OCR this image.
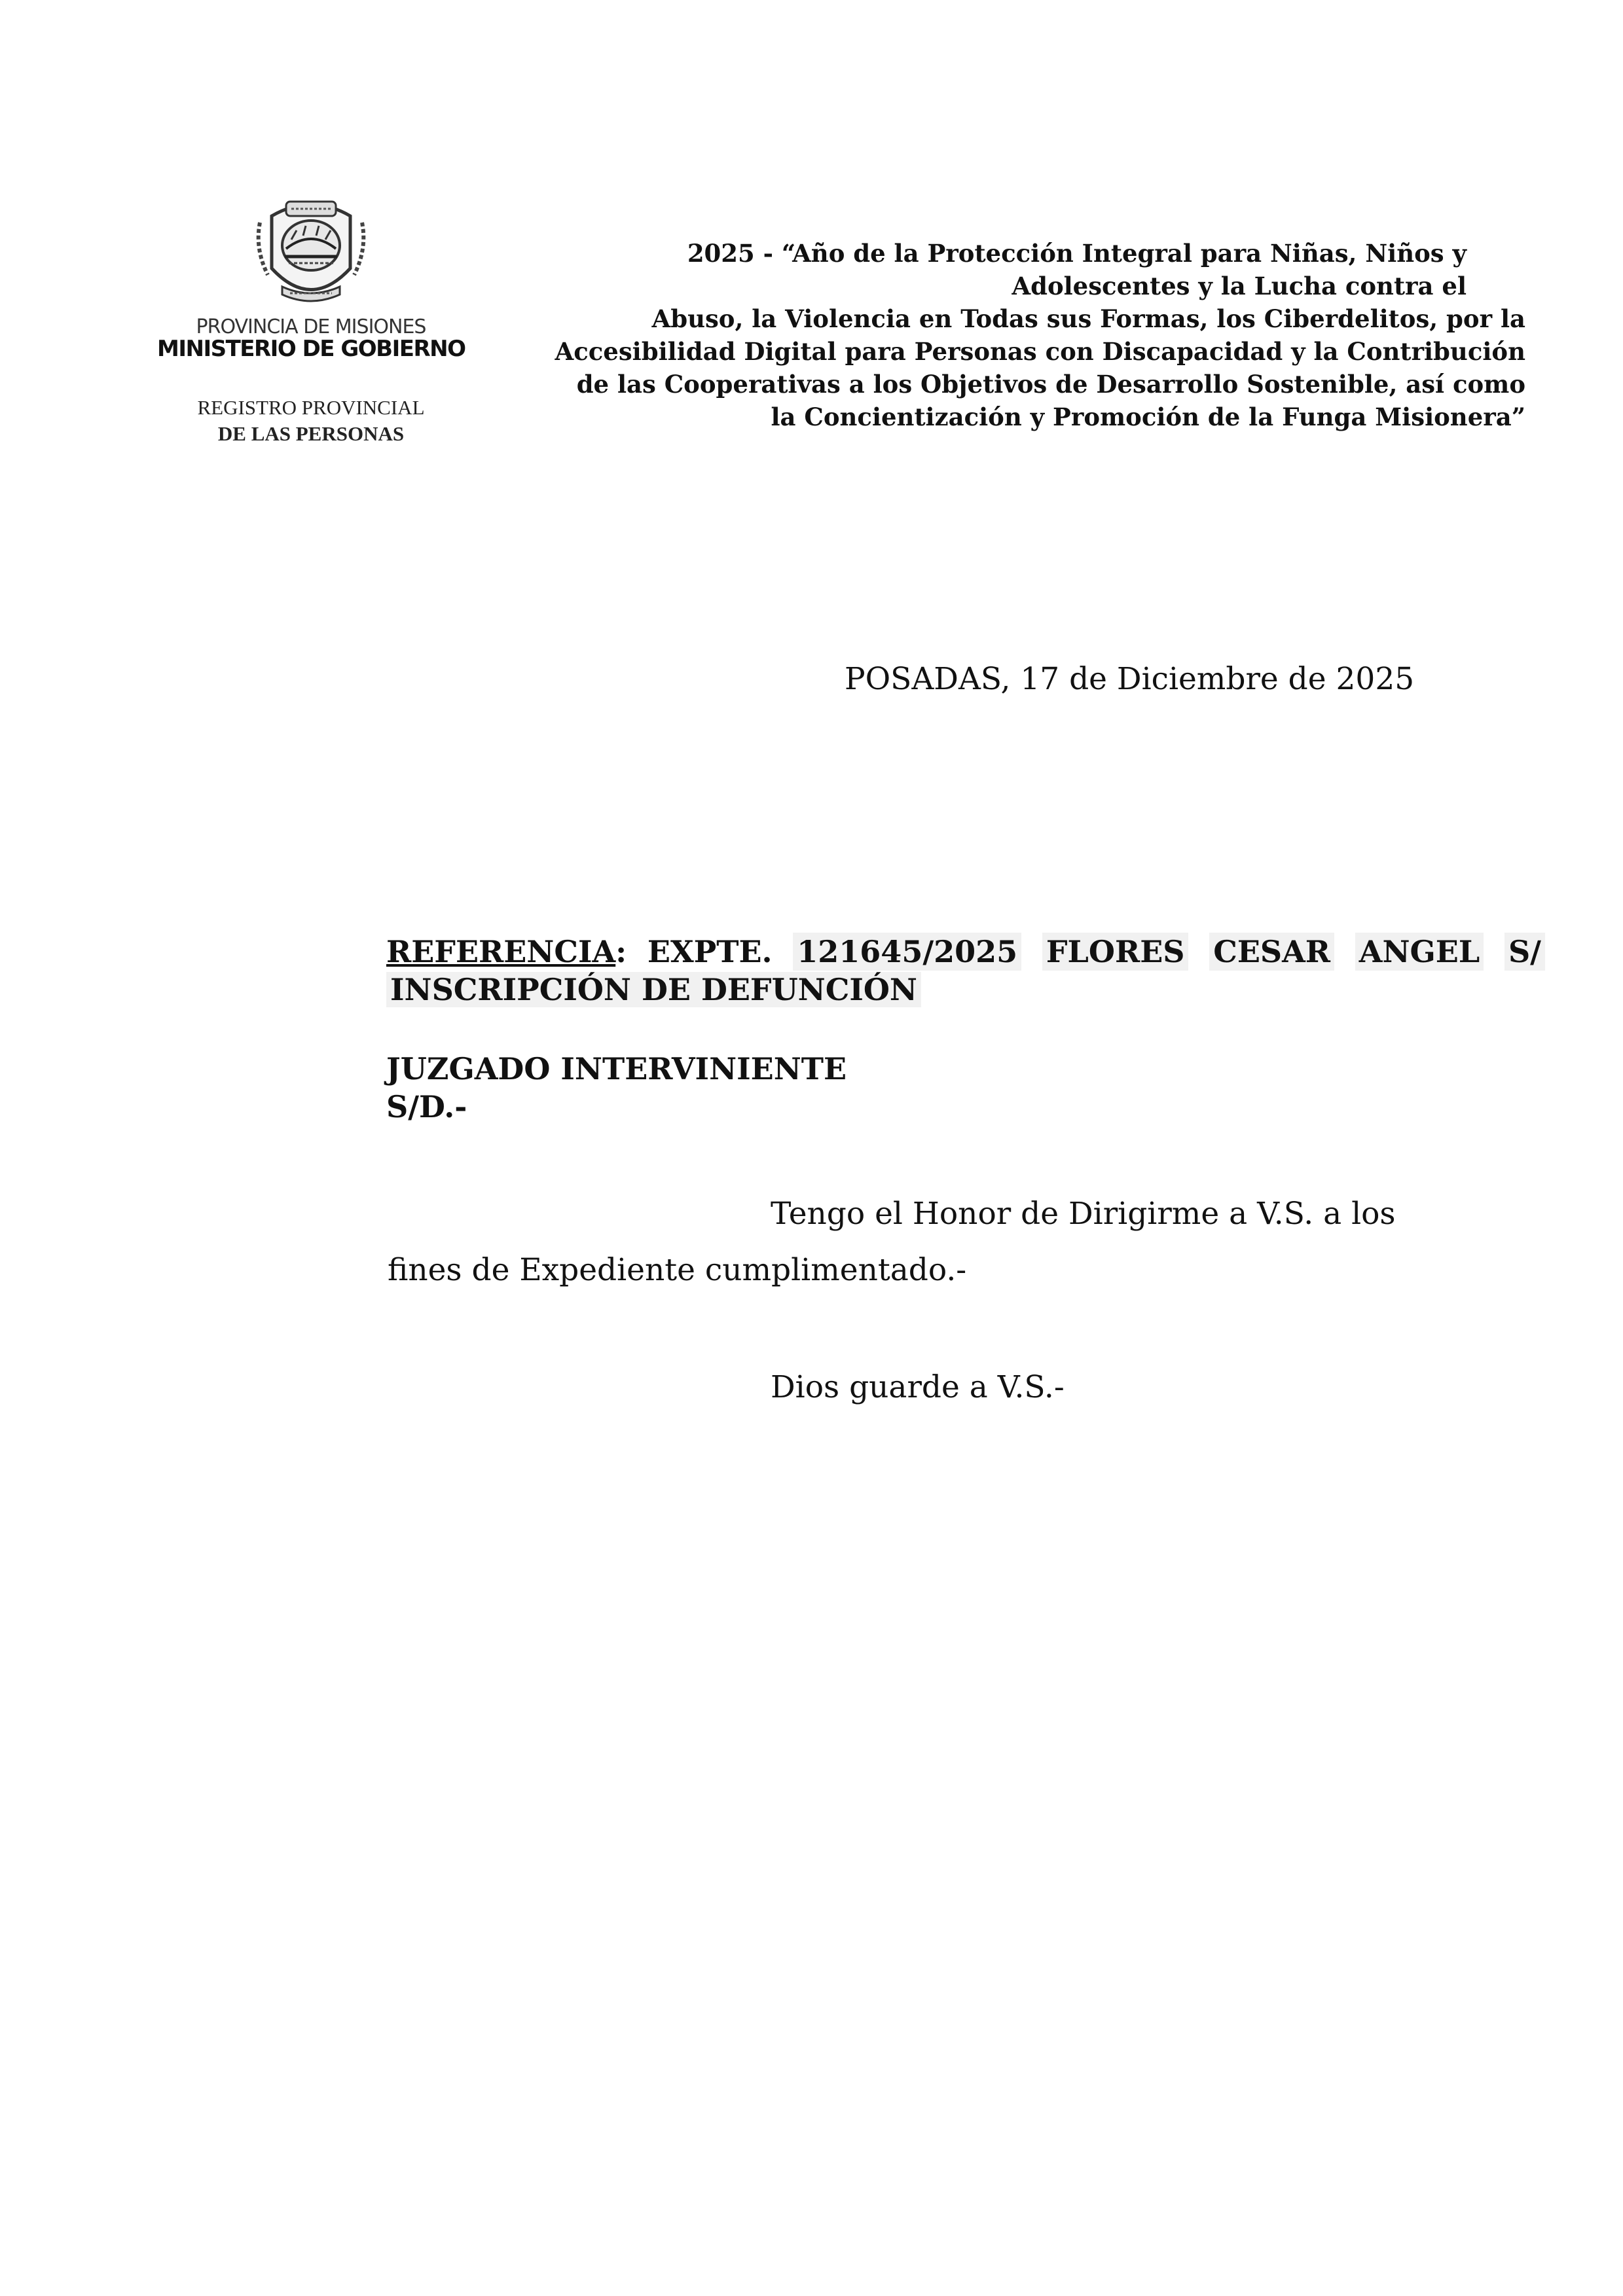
PROVINCIA DE MISIONES
MINISTERIO DE GOBIERNO
REGISTRO PROVINCIAL
DE LAS PERSONAS
2025 - “Año de la Protección Integral para Niñas, Niños y
Adolescentes y la Lucha contra el
Abuso, la Violencia en Todas sus Formas, los Ciberdelitos, por la
Accesibilidad Digital para Personas con Discapacidad y la Contribución
de las Cooperativas a los Objetivos de Desarrollo Sostenible, así como
la Concientización y Promoción de la Funga Misionera”
POSADAS, 17 de Diciembre de 2025
REFERENCIA: EXPTE. 121645/2025 FLORES CESAR ANGEL S/
INSCRIPCIÓN DE DEFUNCIÓN
JUZGADO INTERVINIENTE
S/D.-
Tengo el Honor de Dirigirme a V.S. a los
fines de Expediente cumplimentado.-
Dios guarde a V.S.-
